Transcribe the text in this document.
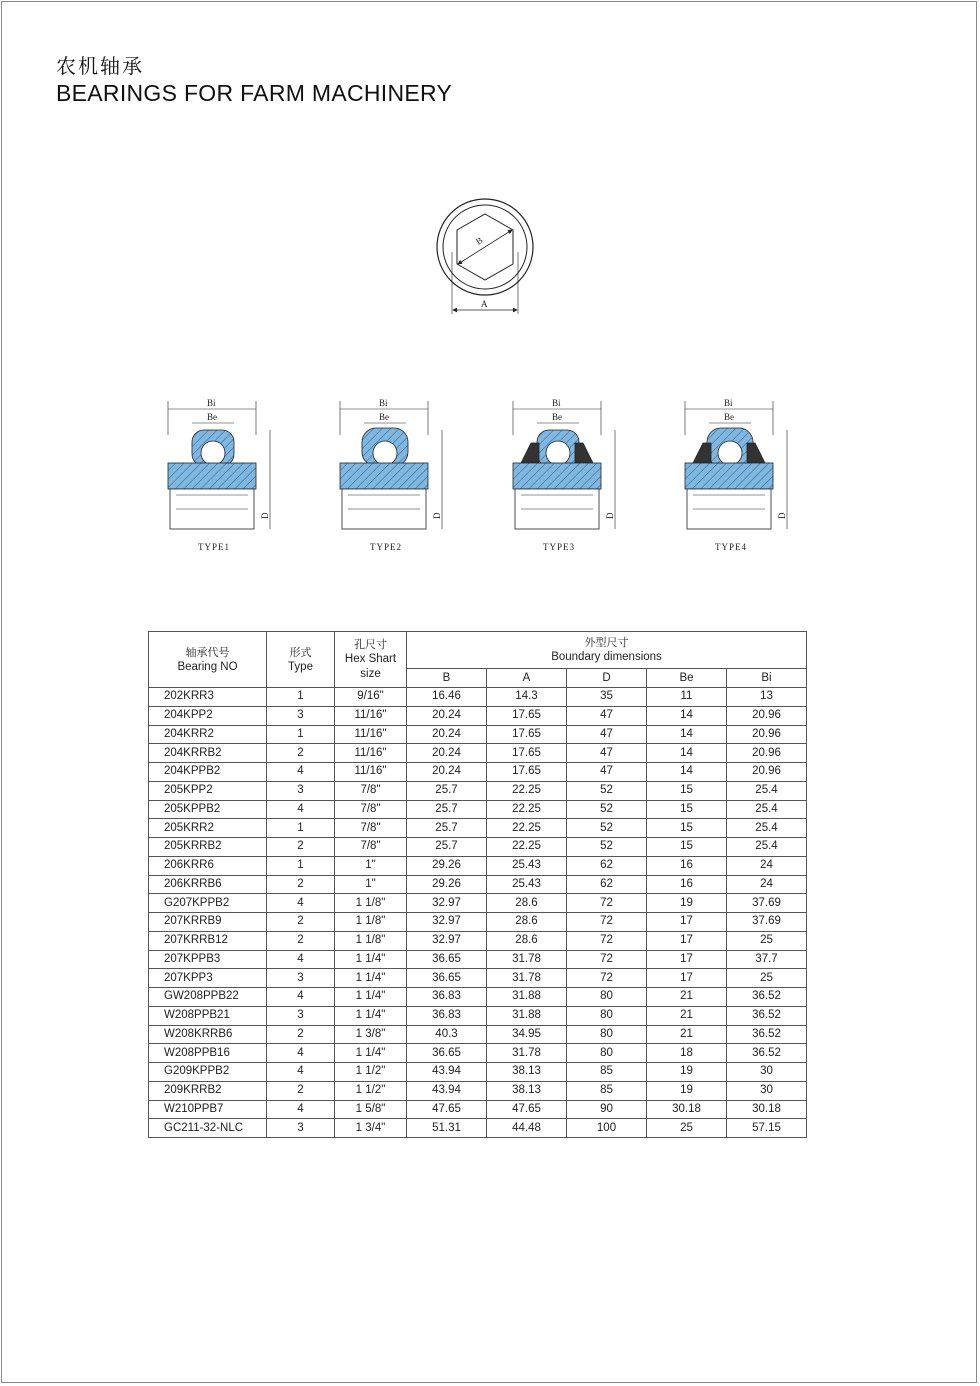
农机轴承
BEARINGS FOR FARM MACHINERY
B
A
Bi
Be
D
TYPE1
Bi
Be
D
TYPE2
Bi
Be
D
TYPE3
Bi
Be
D
TYPE4
轴承代号
Bearing NO	形式
Type	孔尺寸
Hex Shart
size	外型尺寸
Boundary dimensions				

			B	A	D	Be	Bi
202KRR3	1	9/16"	16.46	14.3	35	11	13
204KPP2	3	11/16"	20.24	17.65	47	14	20.96
204KRR2	1	11/16"	20.24	17.65	47	14	20.96
204KRRB2	2	11/16"	20.24	17.65	47	14	20.96
204KPPB2	4	11/16"	20.24	17.65	47	14	20.96
205KPP2	3	7/8"	25.7	22.25	52	15	25.4
205KPPB2	4	7/8"	25.7	22.25	52	15	25.4
205KRR2	1	7/8"	25.7	22.25	52	15	25.4
205KRRB2	2	7/8"	25.7	22.25	52	15	25.4
206KRR6	1	1"	29.26	25.43	62	16	24
206KRRB6	2	1"	29.26	25.43	62	16	24
G207KPPB2	4	1 1/8"	32.97	28.6	72	19	37.69
207KRRB9	2	1 1/8"	32.97	28.6	72	17	37.69
207KRRB12	2	1 1/8"	32.97	28.6	72	17	25
207KPPB3	4	1 1/4"	36.65	31.78	72	17	37.7
207KPP3	3	1 1/4"	36.65	31.78	72	17	25
GW208PPB22	4	1 1/4"	36.83	31.88	80	21	36.52
W208PPB21	3	1 1/4"	36.83	31.88	80	21	36.52
W208KRRB6	2	1 3/8"	40.3	34.95	80	21	36.52
W208PPB16	4	1 1/4"	36.65	31.78	80	18	36.52
G209KPPB2	4	1 1/2"	43.94	38.13	85	19	30
209KRRB2	2	1 1/2"	43.94	38.13	85	19	30
W210PPB7	4	1 5/8"	47.65	47.65	90	30.18	30.18
GC211-32-NLC	3	1 3/4"	51.31	44.48	100	25	57.15
